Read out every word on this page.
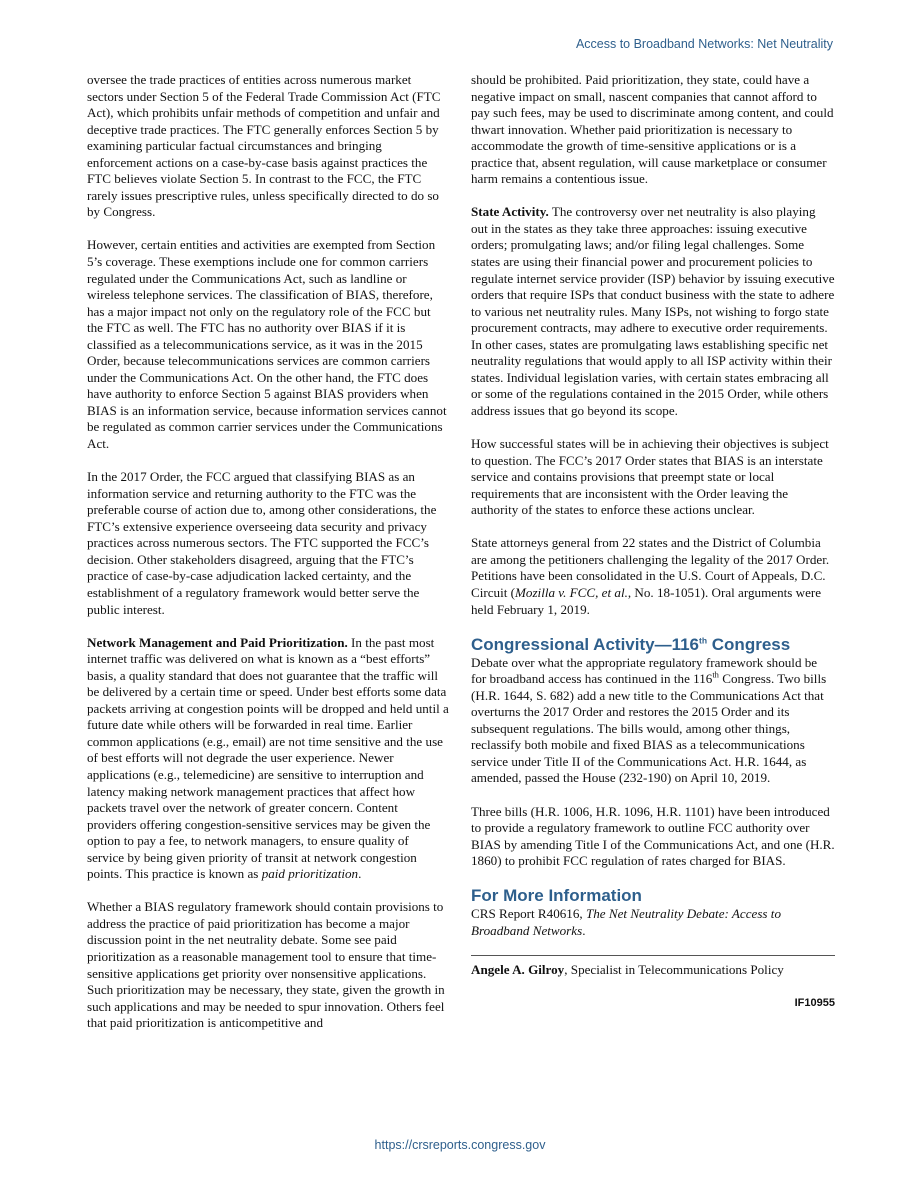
Access to Broadband Networks: Net Neutrality

oversee the trade practices of entities across numerous market sectors under Section 5 of the Federal Trade Commission Act (FTC Act), which prohibits unfair methods of competition and unfair and deceptive trade practices. The FTC generally enforces Section 5 by examining particular factual circumstances and bringing enforcement actions on a case-by-case basis against practices the FTC believes violate Section 5. In contrast to the FCC, the FTC rarely issues prescriptive rules, unless specifically directed to do so by Congress.

However, certain entities and activities are exempted from Section 5’s coverage. These exemptions include one for common carriers regulated under the Communications Act, such as landline or wireless telephone services. The classification of BIAS, therefore, has a major impact not only on the regulatory role of the FCC but the FTC as well. The FTC has no authority over BIAS if it is classified as a telecommunications service, as it was in the 2015 Order, because telecommunications services are common carriers under the Communications Act. On the other hand, the FTC does have authority to enforce Section 5 against BIAS providers when BIAS is an information service, because information services cannot be regulated as common carrier services under the Communications Act.

In the 2017 Order, the FCC argued that classifying BIAS as an information service and returning authority to the FTC was the preferable course of action due to, among other considerations, the FTC’s extensive experience overseeing data security and privacy practices across numerous sectors. The FTC supported the FCC’s decision. Other stakeholders disagreed, arguing that the FTC’s practice of case-by-case adjudication lacked certainty, and the establishment of a regulatory framework would better serve the public interest.

Network Management and Paid Prioritization. In the past most internet traffic was delivered on what is known as a “best efforts” basis, a quality standard that does not guarantee that the traffic will be delivered by a certain time or speed. Under best efforts some data packets arriving at congestion points will be dropped and held until a future date while others will be forwarded in real time. Earlier common applications (e.g., email) are not time sensitive and the use of best efforts will not degrade the user experience. Newer applications (e.g., telemedicine) are sensitive to interruption and latency making network management practices that affect how packets travel over the network of greater concern. Content providers offering congestion-sensitive services may be given the option to pay a fee, to network managers, to ensure quality of service by being given priority of transit at network congestion points. This practice is known as paid prioritization.

Whether a BIAS regulatory framework should contain provisions to address the practice of paid prioritization has become a major discussion point in the net neutrality debate. Some see paid prioritization as a reasonable management tool to ensure that time-sensitive applications get priority over nonsensitive applications. Such prioritization may be necessary, they state, given the growth in such applications and may be needed to spur innovation. Others feel that paid prioritization is anticompetitive and

should be prohibited. Paid prioritization, they state, could have a negative impact on small, nascent companies that cannot afford to pay such fees, may be used to discriminate among content, and could thwart innovation. Whether paid prioritization is necessary to accommodate the growth of time-sensitive applications or is a practice that, absent regulation, will cause marketplace or consumer harm remains a contentious issue.

State Activity. The controversy over net neutrality is also playing out in the states as they take three approaches: issuing executive orders; promulgating laws; and/or filing legal challenges. Some states are using their financial power and procurement policies to regulate internet service provider (ISP) behavior by issuing executive orders that require ISPs that conduct business with the state to adhere to various net neutrality rules. Many ISPs, not wishing to forgo state procurement contracts, may adhere to executive order requirements. In other cases, states are promulgating laws establishing specific net neutrality regulations that would apply to all ISP activity within their states. Individual legislation varies, with certain states embracing all or some of the regulations contained in the 2015 Order, while others address issues that go beyond its scope.

How successful states will be in achieving their objectives is subject to question. The FCC’s 2017 Order states that BIAS is an interstate service and contains provisions that preempt state or local requirements that are inconsistent with the Order leaving the authority of the states to enforce these actions unclear.

State attorneys general from 22 states and the District of Columbia are among the petitioners challenging the legality of the 2017 Order. Petitions have been consolidated in the U.S. Court of Appeals, D.C. Circuit (Mozilla v. FCC, et al., No. 18-1051). Oral arguments were held February 1, 2019.

Congressional Activity—116th Congress

Debate over what the appropriate regulatory framework should be for broadband access has continued in the 116th Congress. Two bills (H.R. 1644, S. 682) add a new title to the Communications Act that overturns the 2017 Order and restores the 2015 Order and its subsequent regulations. The bills would, among other things, reclassify both mobile and fixed BIAS as a telecommunications service under Title II of the Communications Act. H.R. 1644, as amended, passed the House (232-190) on April 10, 2019.

Three bills (H.R. 1006, H.R. 1096, H.R. 1101) have been introduced to provide a regulatory framework to outline FCC authority over BIAS by amending Title I of the Communications Act, and one (H.R. 1860) to prohibit FCC regulation of rates charged for BIAS.

For More Information

CRS Report R40616, The Net Neutrality Debate: Access to Broadband Networks.

Angele A. Gilroy, Specialist in Telecommunications Policy

IF10955
https://crsreports.congress.gov
